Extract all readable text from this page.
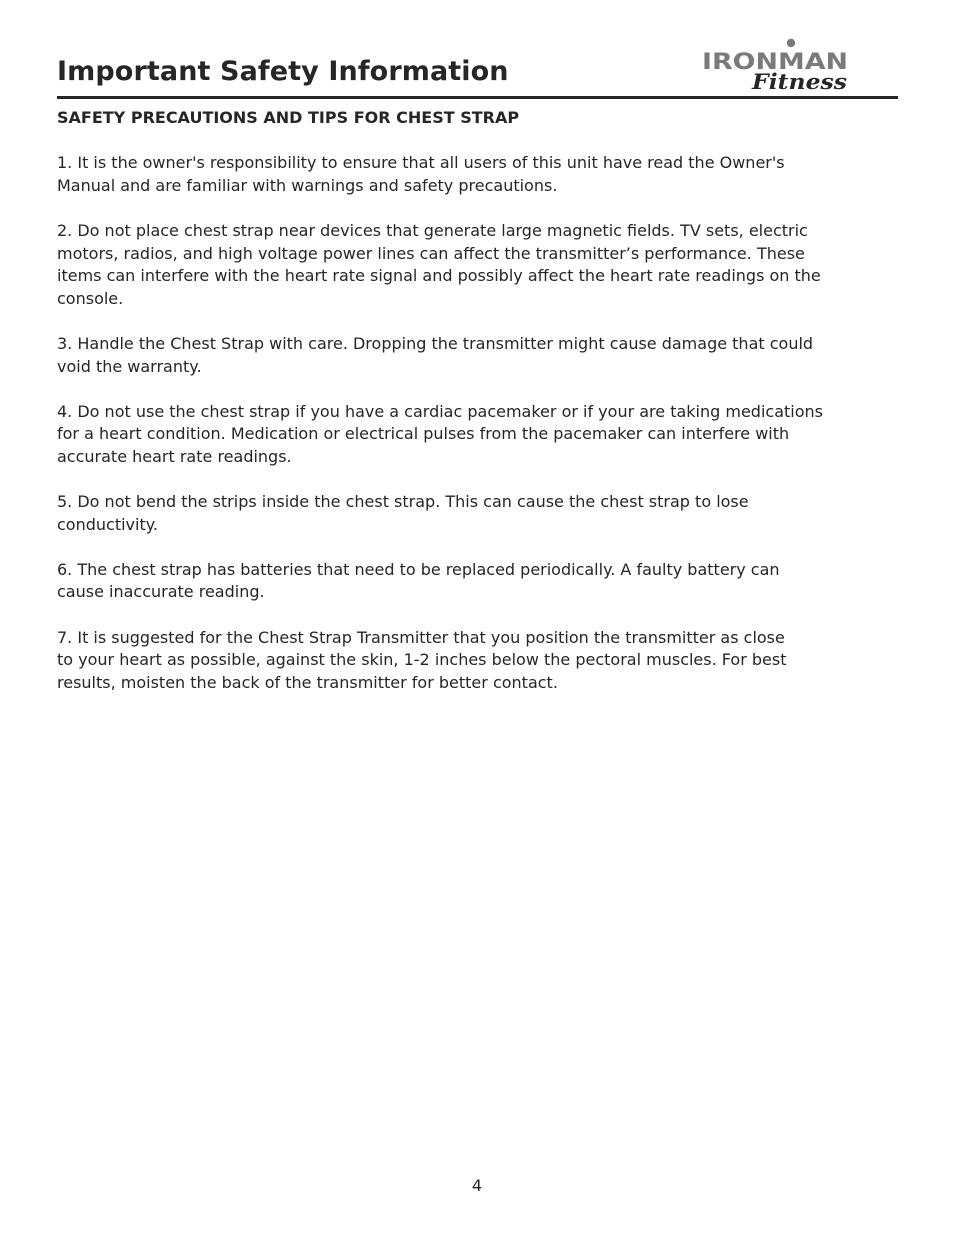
Important Safety Information	IRONMAN
Fitness
SAFETY PRECAUTIONS AND TIPS FOR CHEST STRAP
1. It is the owner's responsibility to ensure that all users of this unit have read the Owner's
Manual and are familiar with warnings and safety precautions.
2. Do not place chest strap near devices that generate large magnetic fields. TV sets, electric
motors, radios, and high voltage power lines can affect the transmitter’s performance. These
items can interfere with the heart rate signal and possibly affect the heart rate readings on the
console.
3. Handle the Chest Strap with care. Dropping the transmitter might cause damage that could
void the warranty.
4. Do not use the chest strap if you have a cardiac pacemaker or if your are taking medications
for a heart condition. Medication or electrical pulses from the pacemaker can interfere with
accurate heart rate readings.
5. Do not bend the strips inside the chest strap. This can cause the chest strap to lose
conductivity.
6. The chest strap has batteries that need to be replaced periodically. A faulty battery can
cause inaccurate reading.
7. It is suggested for the Chest Strap Transmitter that you position the transmitter as close
to your heart as possible, against the skin, 1-2 inches below the pectoral muscles. For best
results, moisten the back of the transmitter for better contact.
4
